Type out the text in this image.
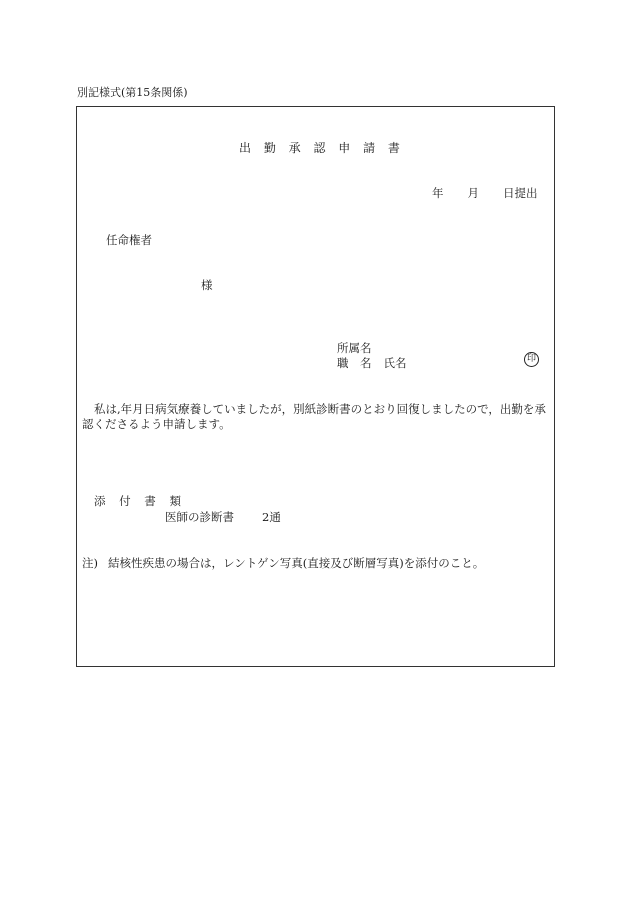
別記様式(第15条関係)
出 勤 承 認 申 請 書
年 月 日提出
任命権者
様
所属名
職　名 氏名	印
私は,年月日病気療養していましたが，別紙診断書のとおり回復しましたので，出勤を承認くださるよう申請します。
添 付 書 類
医師の診断書 2通
注) 結核性疾患の場合は，レントゲン写真(直接及び断層写真)を添付のこと。
